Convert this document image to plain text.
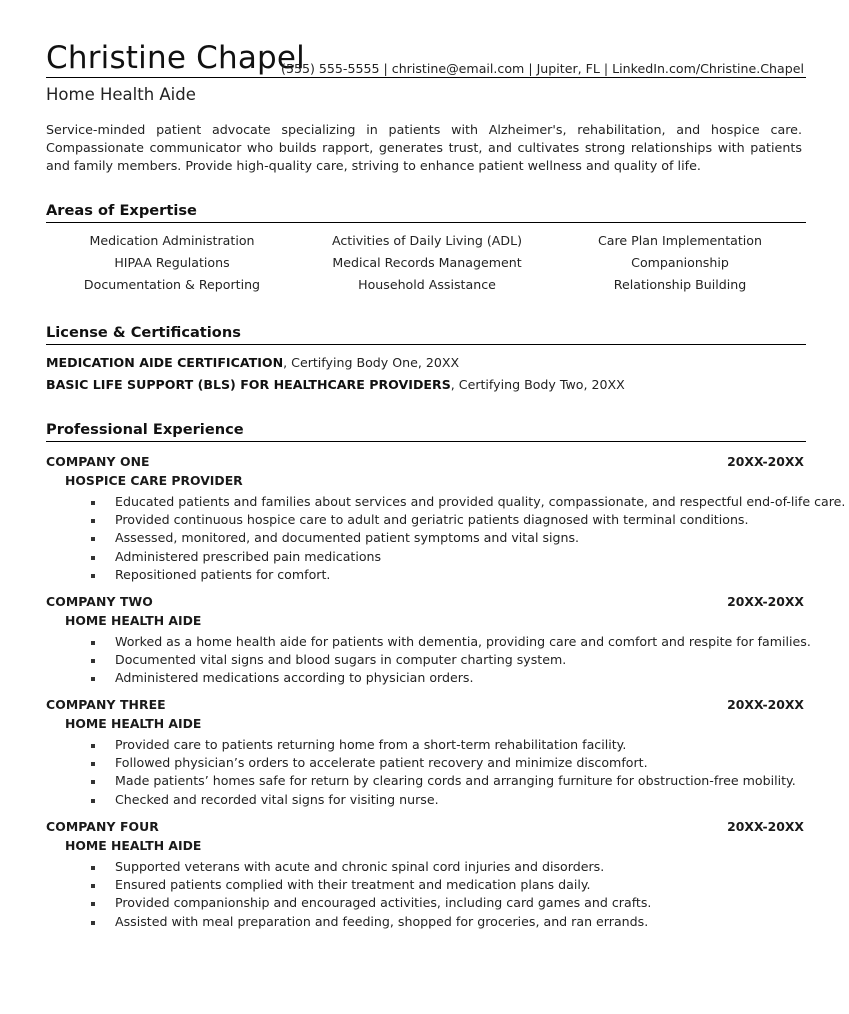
Christine Chapel
(555) 555-5555 | christine@email.com | Jupiter, FL | LinkedIn.com/Christine.Chapel
Home Health Aide
Service-minded patient advocate specializing in patients with Alzheimer's, rehabilitation, and hospice care. Compassionate communicator who builds rapport, generates trust, and cultivates strong relationships with patients and family members. Provide high-quality care, striving to enhance patient wellness and quality of life.
Areas of Expertise
Medication Administration	Activities of Daily Living (ADL)	Care Plan Implementation
HIPAA Regulations	Medical Records Management	Companionship
Documentation & Reporting	Household Assistance	Relationship Building
License & Certifications
MEDICATION AIDE CERTIFICATION, Certifying Body One, 20XX
BASIC LIFE SUPPORT (BLS) FOR HEALTHCARE PROVIDERS, Certifying Body Two, 20XX
Professional Experience
COMPANY ONE	20XX-20XX
HOSPICE CARE PROVIDER
Educated patients and families about services and provided quality, compassionate, and respectful end-of-life care.
Provided continuous hospice care to adult and geriatric patients diagnosed with terminal conditions.
Assessed, monitored, and documented patient symptoms and vital signs.
Administered prescribed pain medications
Repositioned patients for comfort.
COMPANY TWO	20XX-20XX
HOME HEALTH AIDE
Worked as a home health aide for patients with dementia, providing care and comfort and respite for families.
Documented vital signs and blood sugars in computer charting system.
Administered medications according to physician orders.
COMPANY THREE	20XX-20XX
HOME HEALTH AIDE
Provided care to patients returning home from a short-term rehabilitation facility.
Followed physician’s orders to accelerate patient recovery and minimize discomfort.
Made patients’ homes safe for return by clearing cords and arranging furniture for obstruction-free mobility.
Checked and recorded vital signs for visiting nurse.
COMPANY FOUR	20XX-20XX
HOME HEALTH AIDE
Supported veterans with acute and chronic spinal cord injuries and disorders.
Ensured patients complied with their treatment and medication plans daily.
Provided companionship and encouraged activities, including card games and crafts.
Assisted with meal preparation and feeding, shopped for groceries, and ran errands.
